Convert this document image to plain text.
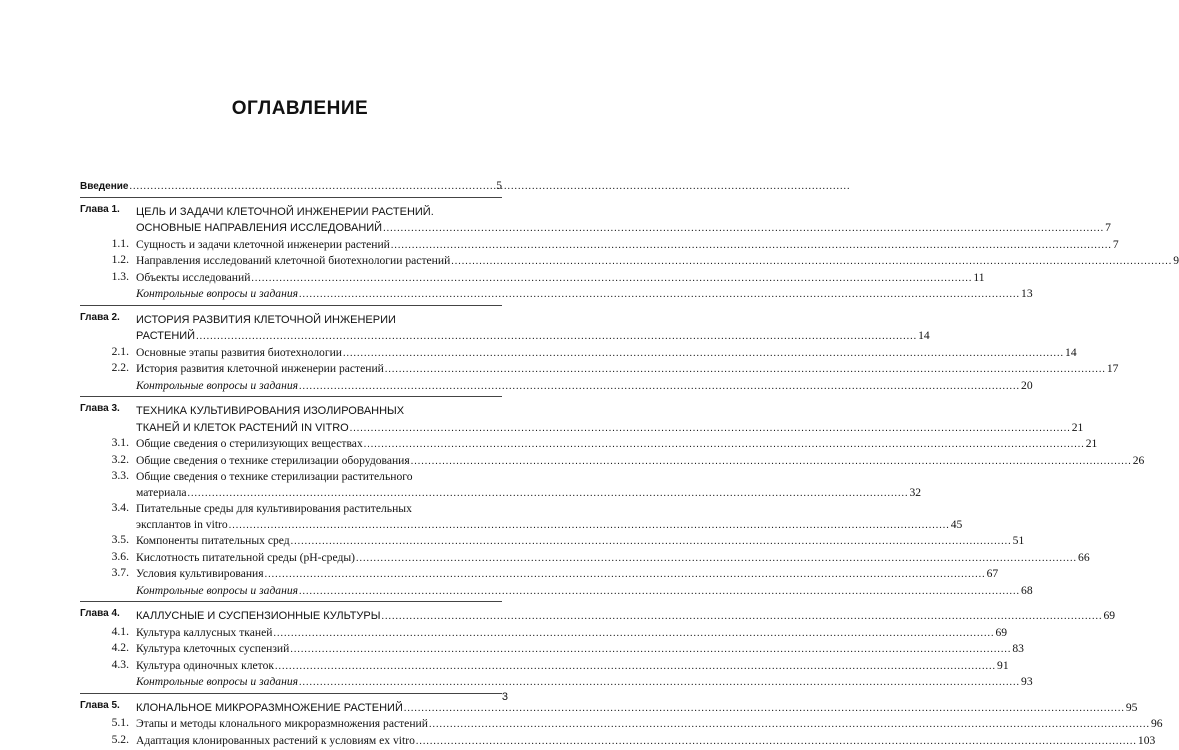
ОГЛАВЛЕНИЕ
Введение .....	5
Глава 1.	ЦЕЛЬ И ЗАДАЧИ КЛЕТОЧНОЙ ИНЖЕНЕРИИ РАСТЕНИЙ.
ОСНОВНЫЕ НАПРАВЛЕНИЯ ИССЛЕДОВАНИЙ .....	7
1.1. Сущность и задачи клеточной инженерии растений .....	7
1.2. Направления исследований клеточной биотехнологии растений .....	9
1.3. Объекты исследований .....	11
Контрольные вопросы и задания .....	13
Глава 2.	ИСТОРИЯ РАЗВИТИЯ КЛЕТОЧНОЙ ИНЖЕНЕРИИ
РАСТЕНИЙ .....	14
2.1. Основные этапы развития биотехнологии .....	14
2.2. История развития клеточной инженерии растений .....	17
Контрольные вопросы и задания .....	20
Глава 3.	ТЕХНИКА КУЛЬТИВИРОВАНИЯ ИЗОЛИРОВАННЫХ
ТКАНЕЙ И КЛЕТОК РАСТЕНИЙ IN VITRO .....	21
3.1. Общие сведения о стерилизующих веществах .....	21
3.2. Общие сведения о технике стерилизации оборудования .....	26
3.3. Общие сведения о технике стерилизации растительного
материала .....	32
3.4. Питательные среды для культивирования растительных
эксплантов in vitro .....	45
3.5. Компоненты питательных сред .....	51
3.6. Кислотность питательной среды (pH-среды) .....	66
3.7. Условия культивирования .....	67
Контрольные вопросы и задания .....	68
Глава 4.	КАЛЛУСНЫЕ И СУСПЕНЗИОННЫЕ КУЛЬТУРЫ .....	69
4.1. Культура каллусных тканей .....	69
4.2. Культура клеточных суспензий .....	83
4.3. Культура одиночных клеток .....	91
Контрольные вопросы и задания .....	93
Глава 5.	КЛОНАЛЬНОЕ МИКРОРАЗМНОЖЕНИЕ РАСТЕНИЙ .....	95
5.1. Этапы и методы клонального микроразмножения растений .....	96
5.2. Адаптация клонированных растений к условиям ex vitro .....	103
3
